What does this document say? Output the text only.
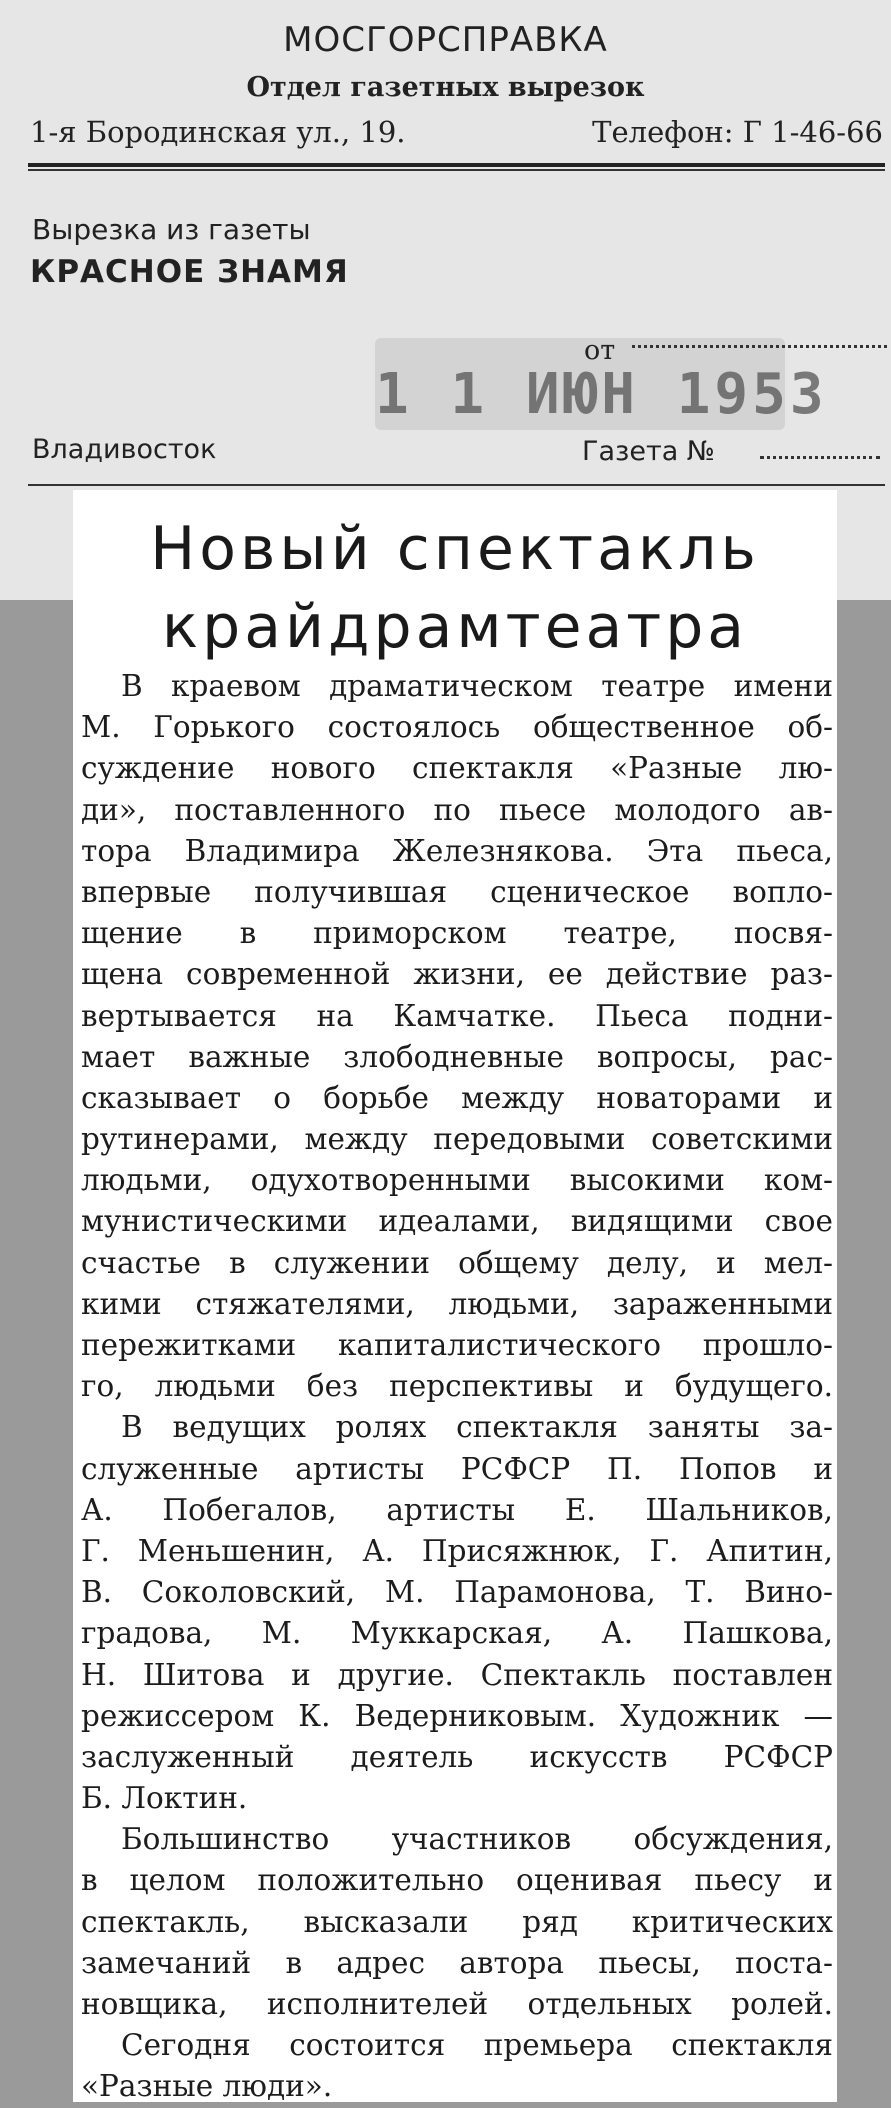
МОСГОРСПРАВКА
Отдел газетных вырезок
1-я Бородинская ул., 19.	Телефон: Г 1-46-66
Вырезка из газеты
КРАСНОЕ ЗНАМЯ
от
1 1 ИЮН 1953
Владивосток	Газета №
Новый спектакль
крайдрамтеатра
В краевом драматическом театре имени
М. Горького состоялось общественное об-
суждение нового спектакля «Разные лю-
ди», поставленного по пьесе молодого ав-
тора Владимира Железнякова. Эта пьеса,
впервые получившая сценическое вопло-
щение в приморском театре, посвя-
щена современной жизни, ее действие раз-
вертывается на Камчатке. Пьеса подни-
мает важные злободневные вопросы, рас-
сказывает о борьбе между новаторами и
рутинерами, между передовыми советскими
людьми, одухотворенными высокими ком-
мунистическими идеалами, видящими свое
счастье в служении общему делу, и мел-
кими стяжателями, людьми, зараженными
пережитками капиталистического прошло-
го, людьми без перспективы и будущего.
В ведущих ролях спектакля заняты за-
служенные артисты РСФСР П. Попов и
А. Побегалов, артисты Е. Шальников,
Г. Меньшенин, А. Присяжнюк, Г. Апитин,
В. Соколовский, М. Парамонова, Т. Вино-
градова, М. Муккарская, А. Пашкова,
Н. Шитова и другие. Спектакль поставлен
режиссером К. Ведерниковым. Художник —
заслуженный деятель искусств РСФСР
Б. Локтин.
Большинство участников обсуждения,
в целом положительно оценивая пьесу и
спектакль, высказали ряд критических
замечаний в адрес автора пьесы, поста-
новщика, исполнителей отдельных ролей.
Сегодня состоится премьера спектакля
«Разные люди».
